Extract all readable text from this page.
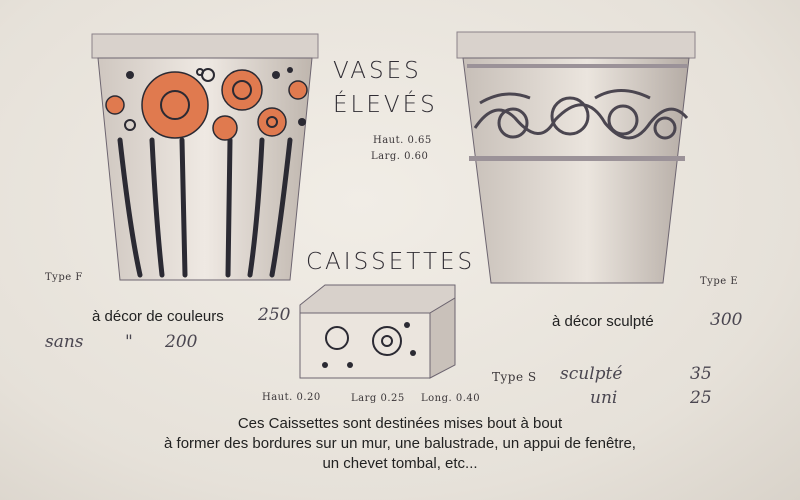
VASES
ÉLEVÉS
Haut. 0.65
Larg. 0.60
CAISSETTES
Type F	Type E
Type S
à décor de couleurs 250	à décor sculpté	300
sans " 200
Haut. 0.20	Larg 0.25 Long. 0.40
sculpté	35
uni	25
Ces Caissettes sont destinées mises bout à bout
à former des bordures sur un mur, une balustrade, un appui de fenêtre,
un chevet tombal, etc...
